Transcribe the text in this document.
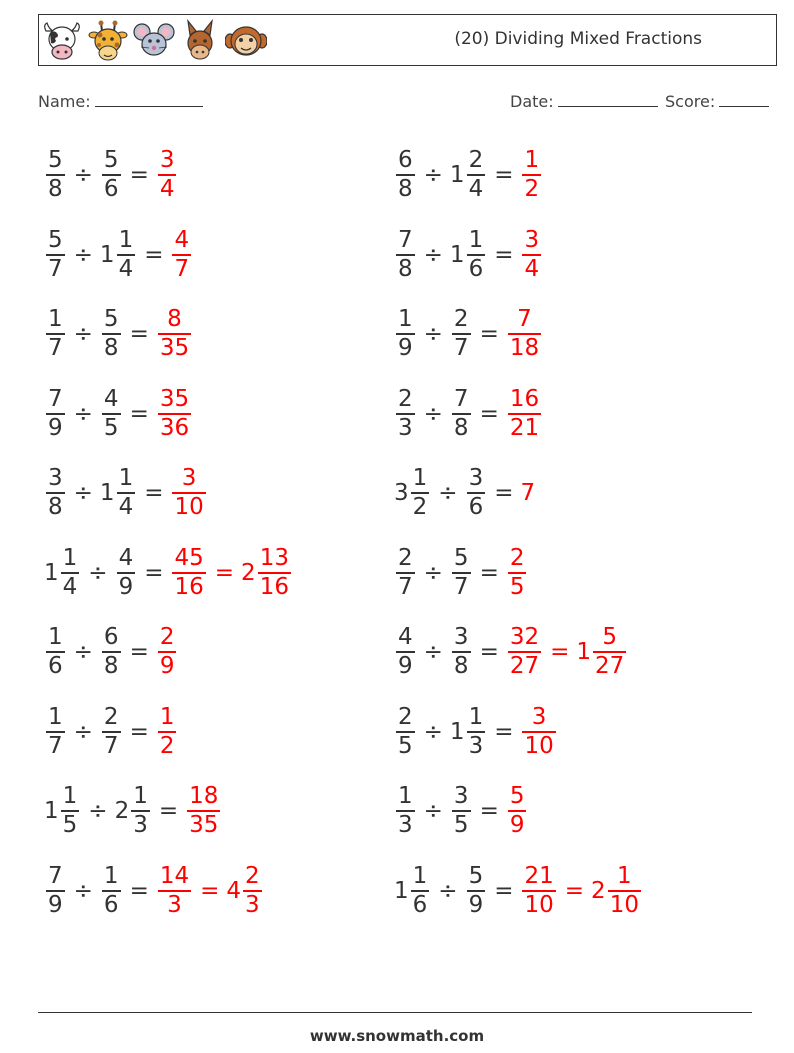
(20) Dividing Mixed Fractions
Name:	Date:	Score:
$\frac{5}{8} \div \frac{5}{6} = \frac{3}{4}$	$\frac{6}{8} \div 1 \frac{2}{4} = \frac{1}{2}$
$\frac{5}{7} \div 1 \frac{1}{4} = \frac{4}{7}$	$\frac{7}{8} \div 1 \frac{1}{6} = \frac{3}{4}$
$\frac{1}{7} \div \frac{5}{8} = \frac{8}{35}$	$\frac{1}{9} \div \frac{2}{7} = \frac{7}{18}$
$\frac{7}{9} \div \frac{4}{5} = \frac{35}{36}$	$\frac{2}{3} \div \frac{7}{8} = \frac{16}{21}$
$\frac{3}{8} \div 1 \frac{1}{4} = \frac{3}{10}$	$3 \frac{1}{2} \div \frac{3}{6} = 7$
$1 \frac{1}{4} \div \frac{4}{9} = \frac{45}{16} = 2 \frac{13}{16}$	$\frac{2}{7} \div \frac{5}{7} = \frac{2}{5}$
$\frac{1}{6} \div \frac{6}{8} = \frac{2}{9}$	$\frac{4}{9} \div \frac{3}{8} = \frac{32}{27} = 1 \frac{5}{27}$
$\frac{1}{7} \div \frac{2}{7} = \frac{1}{2}$	$\frac{2}{5} \div 1 \frac{1}{3} = \frac{3}{10}$
$1 \frac{1}{5} \div 2 \frac{1}{3} = \frac{18}{35}$	$\frac{1}{3} \div \frac{3}{5} = \frac{5}{9}$
$\frac{7}{9} \div \frac{1}{6} = \frac{14}{3} = 4 \frac{2}{3}$	$1 \frac{1}{6} \div \frac{5}{9} = \frac{21}{10} = 2 \frac{1}{10}$
www.snowmath.com
